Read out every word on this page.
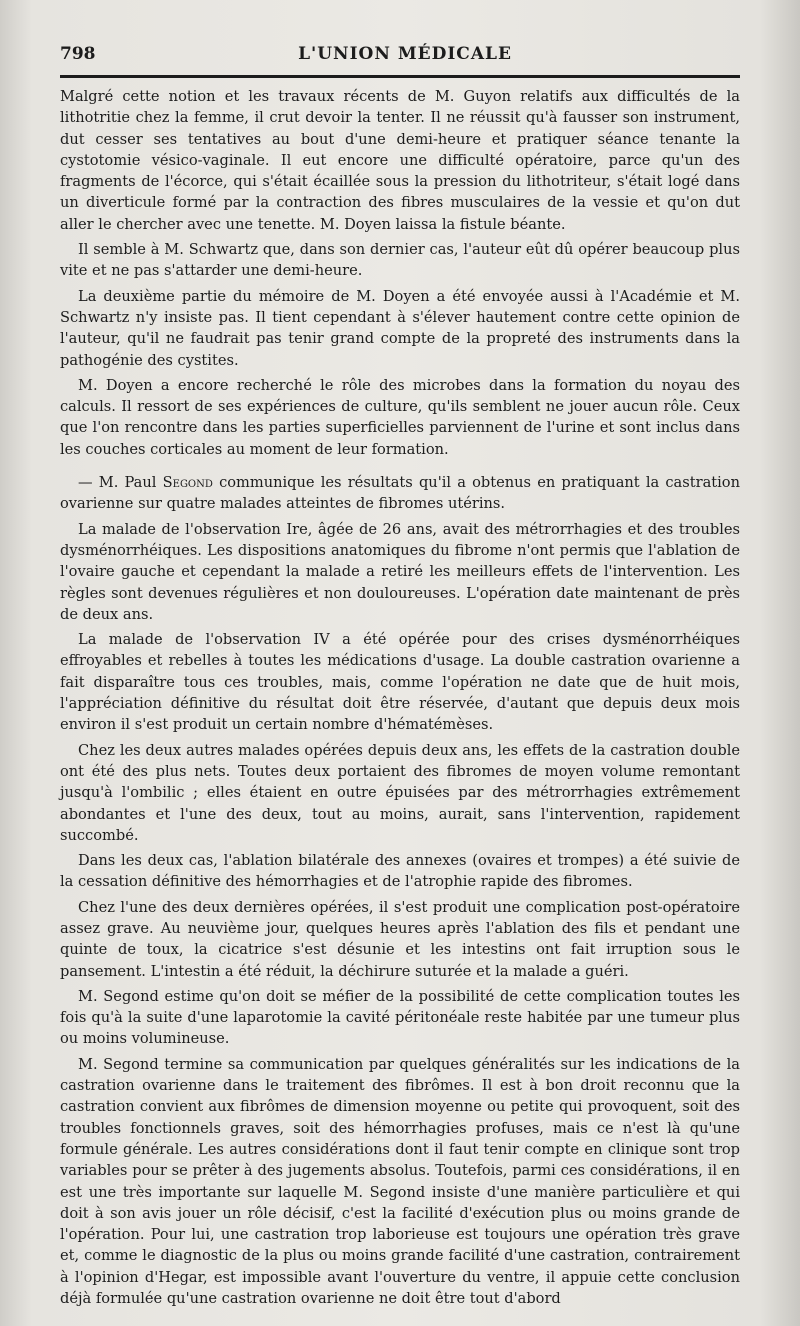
798	L'UNION MÉDICALE

Malgré cette notion et les travaux récents de M. Guyon relatifs aux difficultés de la lithotritie chez la femme, il crut devoir la tenter. Il ne réussit qu'à fausser son instrument, dut cesser ses tentatives au bout d'une demi-heure et pratiquer séance tenante la cystotomie vésico-vaginale. Il eut encore une difficulté opératoire, parce qu'un des fragments de l'écorce, qui s'était écaillée sous la pression du lithotriteur, s'était logé dans un diverticule formé par la contraction des fibres musculaires de la vessie et qu'on dut aller le chercher avec une tenette. M. Doyen laissa la fistule béante.

Il semble à M. Schwartz que, dans son dernier cas, l'auteur eût dû opérer beaucoup plus vite et ne pas s'attarder une demi-heure.

La deuxième partie du mémoire de M. Doyen a été envoyée aussi à l'Académie et M. Schwartz n'y insiste pas. Il tient cependant à s'élever hautement contre cette opinion de l'auteur, qu'il ne faudrait pas tenir grand compte de la propreté des instruments dans la pathogénie des cystites.

M. Doyen a encore recherché le rôle des microbes dans la formation du noyau des calculs. Il ressort de ses expériences de culture, qu'ils semblent ne jouer aucun rôle. Ceux que l'on rencontre dans les parties superficielles parviennent de l'urine et sont inclus dans les couches corticales au moment de leur formation.

— M. Paul Segond communique les résultats qu'il a obtenus en pratiquant la castration ovarienne sur quatre malades atteintes de fibromes utérins.

La malade de l'observation Ire, âgée de 26 ans, avait des métrorrhagies et des troubles dysménorrhéiques. Les dispositions anatomiques du fibrome n'ont permis que l'ablation de l'ovaire gauche et cependant la malade a retiré les meilleurs effets de l'intervention. Les règles sont devenues régulières et non douloureuses. L'opération date maintenant de près de deux ans.

La malade de l'observation IV a été opérée pour des crises dysménorrhéiques effroyables et rebelles à toutes les médications d'usage. La double castration ovarienne a fait disparaître tous ces troubles, mais, comme l'opération ne date que de huit mois, l'appréciation définitive du résultat doit être réservée, d'autant que depuis deux mois environ il s'est produit un certain nombre d'hématémèses.

Chez les deux autres malades opérées depuis deux ans, les effets de la castration double ont été des plus nets. Toutes deux portaient des fibromes de moyen volume remontant jusqu'à l'ombilic ; elles étaient en outre épuisées par des métrorrhagies extrêmement abondantes et l'une des deux, tout au moins, aurait, sans l'intervention, rapidement succombé.

Dans les deux cas, l'ablation bilatérale des annexes (ovaires et trompes) a été suivie de la cessation définitive des hémorrhagies et de l'atrophie rapide des fibromes.

Chez l'une des deux dernières opérées, il s'est produit une complication post-opératoire assez grave. Au neuvième jour, quelques heures après l'ablation des fils et pendant une quinte de toux, la cicatrice s'est désunie et les intestins ont fait irruption sous le pansement. L'intestin a été réduit, la déchirure suturée et la malade a guéri.

M. Segond estime qu'on doit se méfier de la possibilité de cette complication toutes les fois qu'à la suite d'une laparotomie la cavité péritonéale reste habitée par une tumeur plus ou moins volumineuse.

M. Segond termine sa communication par quelques généralités sur les indications de la castration ovarienne dans le traitement des fibrômes. Il est à bon droit reconnu que la castration convient aux fibrômes de dimension moyenne ou petite qui provoquent, soit des troubles fonctionnels graves, soit des hémorrhagies profuses, mais ce n'est là qu'une formule générale. Les autres considérations dont il faut tenir compte en clinique sont trop variables pour se prêter à des jugements absolus. Toutefois, parmi ces considérations, il en est une très importante sur laquelle M. Segond insiste d'une manière particulière et qui doit à son avis jouer un rôle décisif, c'est la facilité d'exécution plus ou moins grande de l'opération. Pour lui, une castration trop laborieuse est toujours une opération très grave et, comme le diagnostic de la plus ou moins grande facilité d'une castration, contrairement à l'opinion d'Hegar, est impossible avant l'ouverture du ventre, il appuie cette conclusion déjà formulée qu'une castration ovarienne ne doit être tout d'abord
